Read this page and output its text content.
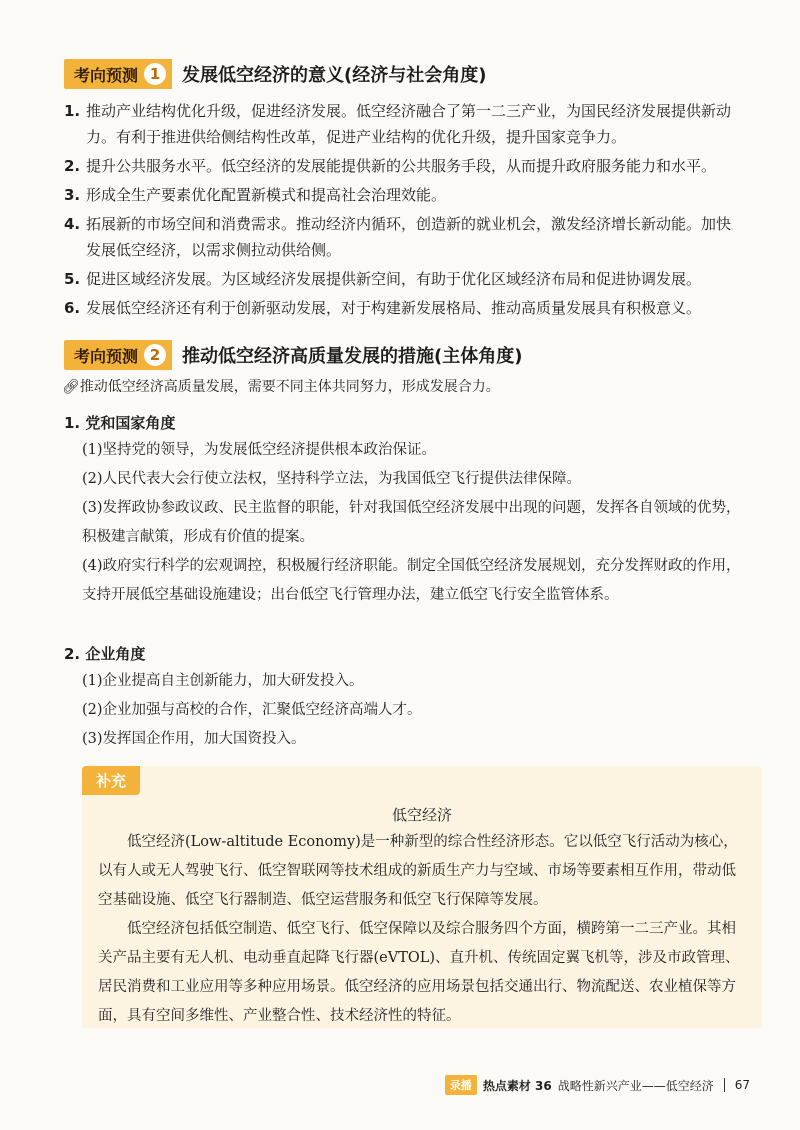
考向预测 1	发展低空经济的意义(经济与社会角度)
1. 推动产业结构优化升级，促进经济发展。低空经济融合了第一二三产业，为国民经济发展提供新动力。有利于推进供给侧结构性改革，促进产业结构的优化升级，提升国家竞争力。
2. 提升公共服务水平。低空经济的发展能提供新的公共服务手段，从而提升政府服务能力和水平。
3. 形成全生产要素优化配置新模式和提高社会治理效能。
4. 拓展新的市场空间和消费需求。推动经济内循环，创造新的就业机会，激发经济增长新动能。加快发展低空经济，以需求侧拉动供给侧。
5. 促进区域经济发展。为区域经济发展提供新空间，有助于优化区域经济布局和促进协调发展。
6. 发展低空经济还有利于创新驱动发展，对于构建新发展格局、推动高质量发展具有积极意义。
考向预测 2	推动低空经济高质量发展的措施(主体角度)
🔗︎推动低空经济高质量发展，需要不同主体共同努力，形成发展合力。
1. 党和国家角度
(1)坚持党的领导，为发展低空经济提供根本政治保证。
(2)人民代表大会行使立法权，坚持科学立法，为我国低空飞行提供法律保障。
(3)发挥政协参政议政、民主监督的职能，针对我国低空经济发展中出现的问题，发挥各自领域的优势，积极建言献策，形成有价值的提案。
(4)政府实行科学的宏观调控，积极履行经济职能。制定全国低空经济发展规划，充分发挥财政的作用，支持开展低空基础设施建设；出台低空飞行管理办法，建立低空飞行安全监管体系。
2. 企业角度
(1)企业提高自主创新能力，加大研发投入。
(2)企业加强与高校的合作，汇聚低空经济高端人才。
(3)发挥国企作用，加大国资投入。
补充
低空经济
低空经济(Low-altitude Economy)是一种新型的综合性经济形态。它以低空飞行活动为核心，以有人或无人驾驶飞行、低空智联网等技术组成的新质生产力与空域、市场等要素相互作用，带动低空基础设施、低空飞行器制造、低空运营服务和低空飞行保障等发展。
低空经济包括低空制造、低空飞行、低空保障以及综合服务四个方面，横跨第一二三产业。其相关产品主要有无人机、电动垂直起降飞行器(eVTOL)、直升机、传统固定翼飞机等，涉及市政管理、居民消费和工业应用等多种应用场景。低空经济的应用场景包括交通出行、物流配送、农业植保等方面，具有空间多维性、产业整合性、技术经济性的特征。
录播 热点素材 36 战略性新兴产业——低空经济 67
